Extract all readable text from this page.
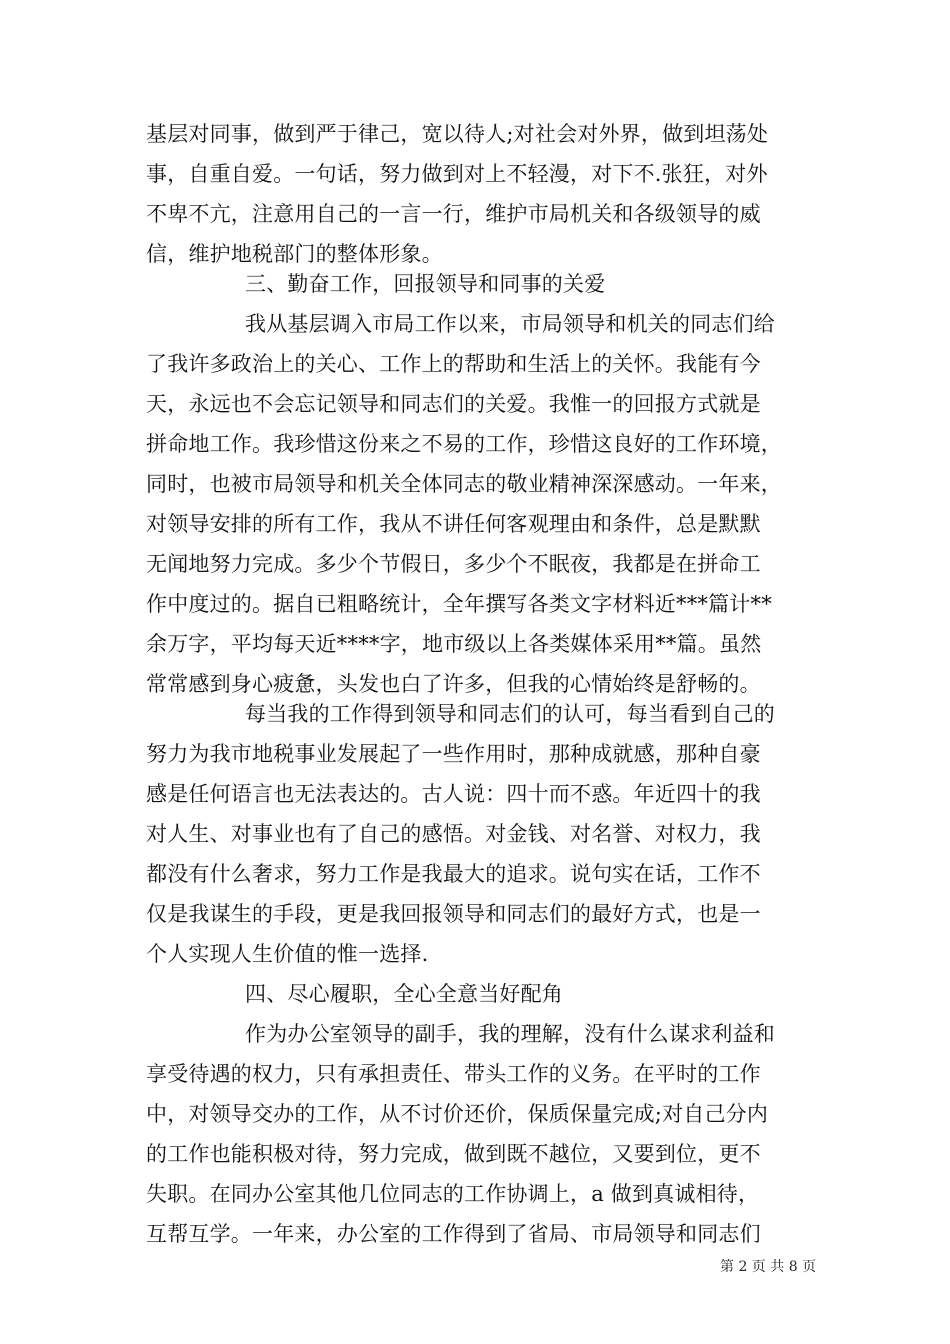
基层对同事，做到严于律己，宽以待人;对社会对外界，做到坦荡处
事，自重自爱。一句话，努力做到对上不轻漫，对下不.张狂，对外
不卑不亢，注意用自己的一言一行，维护市局机关和各级领导的威
信，维护地税部门的整体形象。
三、勤奋工作，回报领导和同事的关爱
我从基层调入市局工作以来，市局领导和机关的同志们给
了我许多政治上的关心、工作上的帮助和生活上的关怀。我能有今
天，永远也不会忘记领导和同志们的关爱。我惟一的回报方式就是
拼命地工作。我珍惜这份来之不易的工作，珍惜这良好的工作环境，
同时，也被市局领导和机关全体同志的敬业精神深深感动。一年来，
对领导安排的所有工作，我从不讲任何客观理由和条件，总是默默
无闻地努力完成。多少个节假日，多少个不眠夜，我都是在拼命工
作中度过的。据自已粗略统计，全年撰写各类文字材料近***篇计**
余万字，平均每天近****字，地市级以上各类媒体采用**篇。虽然
常常感到身心疲惫，头发也白了许多，但我的心情始终是舒畅的。
每当我的工作得到领导和同志们的认可，每当看到自己的
努力为我市地税事业发展起了一些作用时，那种成就感，那种自豪
感是任何语言也无法表达的。古人说：四十而不惑。年近四十的我
对人生、对事业也有了自己的感悟。对金钱、对名誉、对权力，我
都没有什么奢求，努力工作是我最大的追求。说句实在话，工作不
仅是我谋生的手段，更是我回报领导和同志们的最好方式，也是一
个人实现人生价值的惟一选择.
四、尽心履职，全心全意当好配角
作为办公室领导的副手，我的理解，没有什么谋求利益和
享受待遇的权力，只有承担责任、带头工作的义务。在平时的工作
中，对领导交办的工作，从不讨价还价，保质保量完成;对自己分内
的工作也能积极对待，努力完成，做到既不越位，又要到位，更不
失职。在同办公室其他几位同志的工作协调上，a 做到真诚相待，
互帮互学。一年来，办公室的工作得到了省局、市局领导和同志们
第 2 页 共 8 页
